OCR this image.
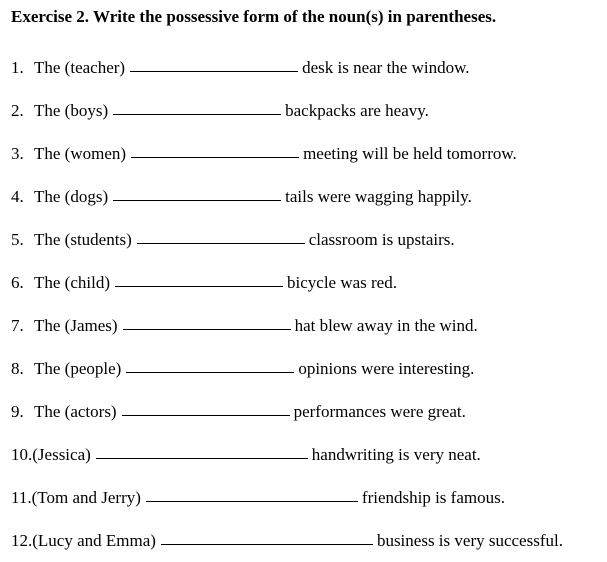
Exercise 2. Write the possessive form of the noun(s) in parentheses.
1. The (teacher)	desk is near the window.
2. The (boys)	backpacks are heavy.
3. The (women)	meeting will be held tomorrow.
4. The (dogs)	tails were wagging happily.
5. The (students)	classroom is upstairs.
6. The (child)	bicycle was red.
7. The (James)	hat blew away in the wind.
8. The (people)	opinions were interesting.
9. The (actors)	performances were great.
10.(Jessica)	handwriting is very neat.
11.(Tom and Jerry)	friendship is famous.
12.(Lucy and Emma)	business is very successful.
